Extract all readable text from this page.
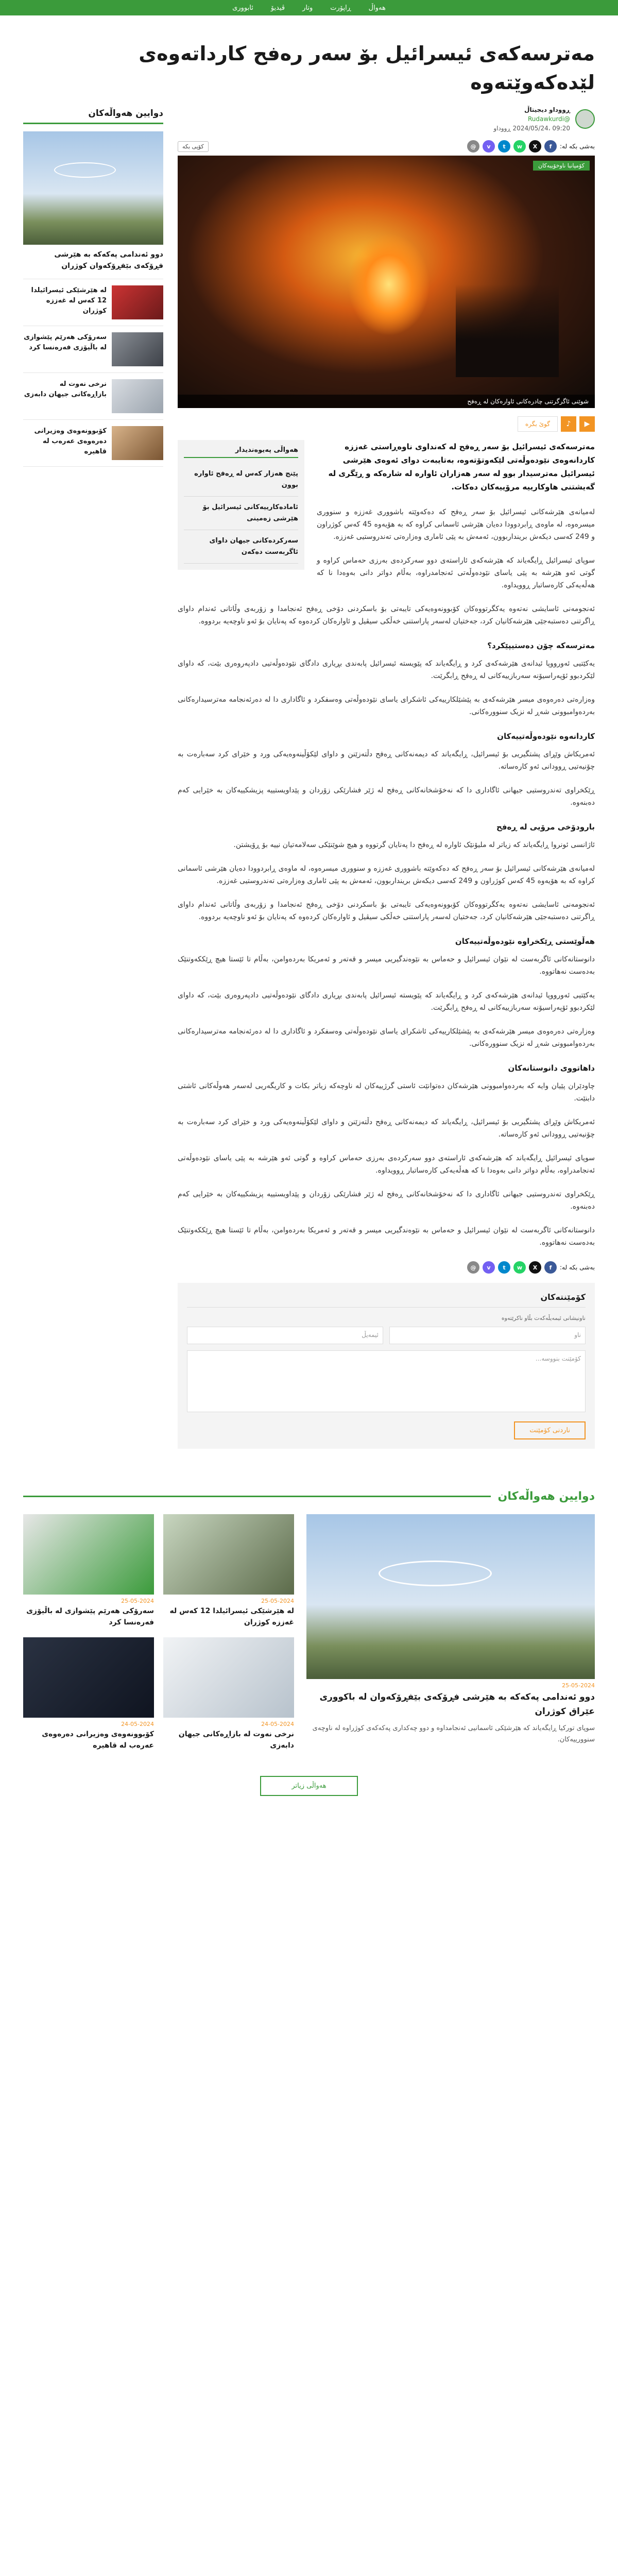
هەواڵ
ڕاپۆرت
وتار
ڤیدیۆ
ئابووری
مەترسەکەی ئیسرائیل بۆ سەر رەفح کارداتەوەی لێدەکەوێتەوە
ڕووداو دیجیتاڵ
@Rudawkurdi
09:20 ،2024/05/24 ڕووداو
بەشی بکە لە:
f
X
w
t
v
@
کۆپی بکە
کۆمپانیا ناوخۆییەکان
شوێنی ئاگرگرتنی چادرەکانی ئاوارەکان لە ڕەفح
▶
♪
گوێ بگرە

مەترسەکەی ئیسرائیل بۆ سەر ڕەفح لە کەنداوی ناوەڕاستی غەززە کاردانەوەی نێودەوڵەتی لێکەوتۆتەوە، بەتایبەت دوای ئەوەی هێرشی ئیسرائیل مەترسیدار بوو لە سەر هەزاران ئاوارە لە شارەکە و ڕێگری لە گەیشتنی هاوکارییە مرۆییەکان دەکات.

لەمیانەی هێرشەکانی ئیسرائیل بۆ سەر ڕەفح کە دەکەوێتە باشووری غەززە و سنووری میسرەوە، لە ماوەی ڕابردوودا دەیان هێرشی ئاسمانی کراوە کە بە هۆیەوە 45 کەس کوژراون و 249 کەسی دیکەش برینداربوون، ئەمەش بە پێی ئاماری وەزارەتی تەندروستیی غەززە.

سوپای ئیسرائیل ڕایگەیاند کە هێرشەکەی ئاراستەی دوو سەرکردەی بەرزی حەماس کراوە و گوتی ئەو هێرشە بە پێی یاسای نێودەوڵەتی ئەنجامدراوە، بەڵام دواتر دانی بەوەدا نا کە هەڵەیەکی کارەساتبار ڕوویداوە.

هەواڵی پەیوەندیدار
پێنج هەزار کەس لە ڕەفح ئاوارە بوون
ئامادەکارییەکانی ئیسرائیل بۆ هێرشی زەمینی
سەرکردەکانی جیهان داوای ئاگربەست دەکەن

ئەنجومەنی ئاسایشی نەتەوە یەکگرتووەکان کۆبوونەوەیەکی تایبەتی بۆ باسکردنی دۆخی ڕەفح ئەنجامدا و زۆربەی وڵاتانی ئەندام داوای ڕاگرتنی دەستبەجێی هێرشەکانیان کرد، جەختیان لەسەر پاراستنی خەڵکی سیڤیل و ئاوارەکان کردەوە کە پەنایان بۆ ئەو ناوچەیە بردووە.

مەترسەکە چۆن دەستیپێکرد؟

یەکێتیی ئەورووپا ئیدانەی هێرشەکەی کرد و ڕایگەیاند کە پێویستە ئیسرائیل پابەندی بڕیاری دادگای نێودەوڵەتیی دادپەروەری بێت، کە داوای لێکردبوو ئۆپەراسیۆنە سەربازییەکانی لە ڕەفح ڕابگرێت.

وەزارەتی دەرەوەی میسر هێرشەکەی بە پێشێلکارییەکی ئاشکرای یاسای نێودەوڵەتی وەسفکرد و ئاگاداری دا لە دەرئەنجامە مەترسیدارەکانی بەردەوامبوونی شەڕ لە نزیک سنوورەکانی.

کاردانەوە نێودەوڵەتییەکان

ئەمریکاش وێڕای پشتگیریی بۆ ئیسرائیل، ڕایگەیاند کە دیمەنەکانی ڕەفح دڵتەزێنن و داوای لێکۆڵینەوەیەکی ورد و خێرای کرد سەبارەت بە چۆنیەتیی ڕوودانی ئەو کارەساتە.

ڕێکخراوی تەندروستیی جیهانی ئاگاداری دا کە نەخۆشخانەکانی ڕەفح لە ژێر فشارێکی زۆردان و پێداویستییە پزیشکییەکان بە خێرایی کەم دەبنەوە.

بارودۆخی مرۆیی لە ڕەفح

ئاژانسی ئونروا ڕایگەیاند کە زیاتر لە ملیۆنێک ئاوارە لە ڕەفح دا پەنایان گرتووە و هیچ شوێنێکی سەلامەتیان نییە بۆ ڕۆیشتن.

لەمیانەی هێرشەکانی ئیسرائیل بۆ سەر ڕەفح کە دەکەوێتە باشووری غەززە و سنووری میسرەوە، لە ماوەی ڕابردوودا دەیان هێرشی ئاسمانی کراوە کە بە هۆیەوە 45 کەس کوژراون و 249 کەسی دیکەش برینداربوون، ئەمەش بە پێی ئاماری وەزارەتی تەندروستیی غەززە.

ئەنجومەنی ئاسایشی نەتەوە یەکگرتووەکان کۆبوونەوەیەکی تایبەتی بۆ باسکردنی دۆخی ڕەفح ئەنجامدا و زۆربەی وڵاتانی ئەندام داوای ڕاگرتنی دەستبەجێی هێرشەکانیان کرد، جەختیان لەسەر پاراستنی خەڵکی سیڤیل و ئاوارەکان کردەوە کە پەنایان بۆ ئەو ناوچەیە بردووە.

هەڵوێستی ڕێکخراوە نێودەوڵەتییەکان

دانوستانەکانی ئاگربەست لە نێوان ئیسرائیل و حەماس بە نێوەندگیریی میسر و قەتەر و ئەمریکا بەردەوامن، بەڵام تا ئێستا هیچ ڕێککەوتنێک بەدەست نەهاتووە.

یەکێتیی ئەورووپا ئیدانەی هێرشەکەی کرد و ڕایگەیاند کە پێویستە ئیسرائیل پابەندی بڕیاری دادگای نێودەوڵەتیی دادپەروەری بێت، کە داوای لێکردبوو ئۆپەراسیۆنە سەربازییەکانی لە ڕەفح ڕابگرێت.

وەزارەتی دەرەوەی میسر هێرشەکەی بە پێشێلکارییەکی ئاشکرای یاسای نێودەوڵەتی وەسفکرد و ئاگاداری دا لە دەرئەنجامە مەترسیدارەکانی بەردەوامبوونی شەڕ لە نزیک سنوورەکانی.

داهاتووی دانوستانەکان

چاودێران پێیان وایە کە بەردەوامبوونی هێرشەکان دەتوانێت ئاستی گرژییەکان لە ناوچەکە زیاتر بکات و کاریگەریی لەسەر هەوڵەکانی ئاشتی دابنێت.

ئەمریکاش وێڕای پشتگیریی بۆ ئیسرائیل، ڕایگەیاند کە دیمەنەکانی ڕەفح دڵتەزێنن و داوای لێکۆڵینەوەیەکی ورد و خێرای کرد سەبارەت بە چۆنیەتیی ڕوودانی ئەو کارەساتە.

سوپای ئیسرائیل ڕایگەیاند کە هێرشەکەی ئاراستەی دوو سەرکردەی بەرزی حەماس کراوە و گوتی ئەو هێرشە بە پێی یاسای نێودەوڵەتی ئەنجامدراوە، بەڵام دواتر دانی بەوەدا نا کە هەڵەیەکی کارەساتبار ڕوویداوە.

ڕێکخراوی تەندروستیی جیهانی ئاگاداری دا کە نەخۆشخانەکانی ڕەفح لە ژێر فشارێکی زۆردان و پێداویستییە پزیشکییەکان بە خێرایی کەم دەبنەوە.

دانوستانەکانی ئاگربەست لە نێوان ئیسرائیل و حەماس بە نێوەندگیریی میسر و قەتەر و ئەمریکا بەردەوامن، بەڵام تا ئێستا هیچ ڕێککەوتنێک بەدەست نەهاتووە.

بەشی بکە لە:
f
X
w
t
v
@
کۆمێنتەکان
ناونیشانی ئیمەیڵەکەت بڵاو ناکرێتەوە
ناو
ئیمەیڵ
کۆمێنت بنووسە...
ناردنی کۆمێنت
دوایین هەواڵەکان
دوو ئەندامی پەکەکە بە هێرشی فڕۆکەی بێفڕۆکەوان کوژران
لە هێرشێکی ئیسرائیلدا 12 کەس لە غەززە کوژران
سەرۆکی هەرێم پێشوازی لە باڵیۆزی فەرەنسا کرد
نرخی نەوت لە بازاڕەکانی جیهان دابەزی
کۆبوونەوەی وەزیرانی دەرەوەی عەرەب لە قاهیرە
دوایین هەواڵەکان
25-05-2024
دوو ئەندامی پەکەکە بە هێرشی فڕۆکەی بێفڕۆکەوان لە باکووری عێراق کوژران
سوپای تورکیا ڕایگەیاند کە هێرشێکی ئاسمانیی ئەنجامداوە و دوو چەکداری پەکەکەی کوژراوە لە ناوچەی سنوورییەکان.
25-05-2024
لە هێرشێکی ئیسرائیلدا 12 کەس لە غەززە کوژران
25-05-2024
سەرۆکی هەرێم پێشوازی لە باڵیۆزی فەرەنسا کرد
24-05-2024
نرخی نەوت لە بازاڕەکانی جیهان دابەزی
24-05-2024
کۆبوونەوەی وەزیرانی دەرەوەی عەرەب لە قاهیرە
هەواڵی زیاتر
